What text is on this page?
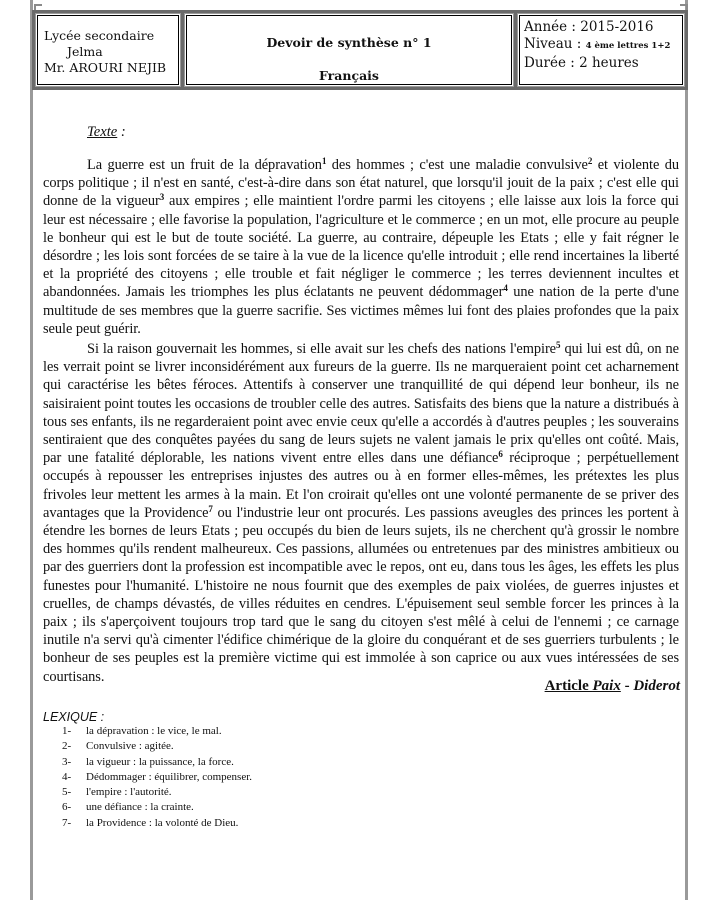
Lycée secondaire
Jelma
Mr. AROURI NEJIB
Devoir de synthèse n° 1
Français
Année : 2015-2016
Niveau : 4 ème lettres 1+2
Durée : 2 heures
Texte :
La guerre est un fruit de la dépravation$^1$ des hommes ; c'est une maladie convulsive$^2$ et violente du corps politique ; il n'est en santé, c'est-à-dire dans son état naturel, que lorsqu'il jouit de la paix ; c'est elle qui donne de la vigueur$^3$ aux empires ; elle maintient l'ordre parmi les citoyens ; elle laisse aux lois la force qui leur est nécessaire ; elle favorise la population, l'agriculture et le commerce ; en un mot, elle procure au peuple le bonheur qui est le but de toute société. La guerre, au contraire, dépeuple les Etats ; elle y fait régner le désordre ; les lois sont forcées de se taire à la vue de la licence qu'elle introduit ; elle rend incertaines la liberté et la propriété des citoyens ; elle trouble et fait négliger le commerce ; les terres deviennent incultes et abandonnées. Jamais les triomphes les plus éclatants ne peuvent dédommager$^4$ une nation de la perte d'une multitude de ses membres que la guerre sacrifie. Ses victimes mêmes lui font des plaies profondes que la paix seule peut guérir.
Si la raison gouvernait les hommes, si elle avait sur les chefs des nations l'empire$^5$ qui lui est dû, on ne les verrait point se livrer inconsidérément aux fureurs de la guerre. Ils ne marqueraient point cet acharnement qui caractérise les bêtes féroces. Attentifs à conserver une tranquillité de qui dépend leur bonheur, ils ne saisiraient point toutes les occasions de troubler celle des autres. Satisfaits des biens que la nature a distribués à tous ses enfants, ils ne regarderaient point avec envie ceux qu'elle a accordés à d'autres peuples ; les souverains sentiraient que des conquêtes payées du sang de leurs sujets ne valent jamais le prix qu'elles ont coûté. Mais, par une fatalité déplorable, les nations vivent entre elles dans une défiance$^6$ réciproque ; perpétuellement occupés à repousser les entreprises injustes des autres ou à en former elles-mêmes, les prétextes les plus frivoles leur mettent les armes à la main. Et l'on croirait qu'elles ont une volonté permanente de se priver des avantages que la Providence$^7$ ou l'industrie leur ont procurés. Les passions aveugles des princes les portent à étendre les bornes de leurs Etats ; peu occupés du bien de leurs sujets, ils ne cherchent qu'à grossir le nombre des hommes qu'ils rendent malheureux. Ces passions, allumées ou entretenues par des ministres ambitieux ou par des guerriers dont la profession est incompatible avec le repos, ont eu, dans tous les âges, les effets les plus funestes pour l'humanité. L'histoire ne nous fournit que des exemples de paix violées, de guerres injustes et cruelles, de champs dévastés, de villes réduites en cendres. L'épuisement seul semble forcer les princes à la paix ; ils s'aperçoivent toujours trop tard que le sang du citoyen s'est mêlé à celui de l'ennemi ; ce carnage inutile n'a servi qu'à cimenter l'édifice chimérique de la gloire du conquérant et de ses guerriers turbulents ; le bonheur de ses peuples est la première victime qui est immolée à son caprice ou aux vues intéressées de ses courtisans.
Article Paix - Diderot
LEXIQUE :
1-	la dépravation : le vice, le mal.
2-	Convulsive : agitée.
3-	la vigueur : la puissance, la force.
4-	Dédommager : équilibrer, compenser.
5-	l'empire : l'autorité.
6-	une défiance : la crainte.
7-	la Providence : la volonté de Dieu.
